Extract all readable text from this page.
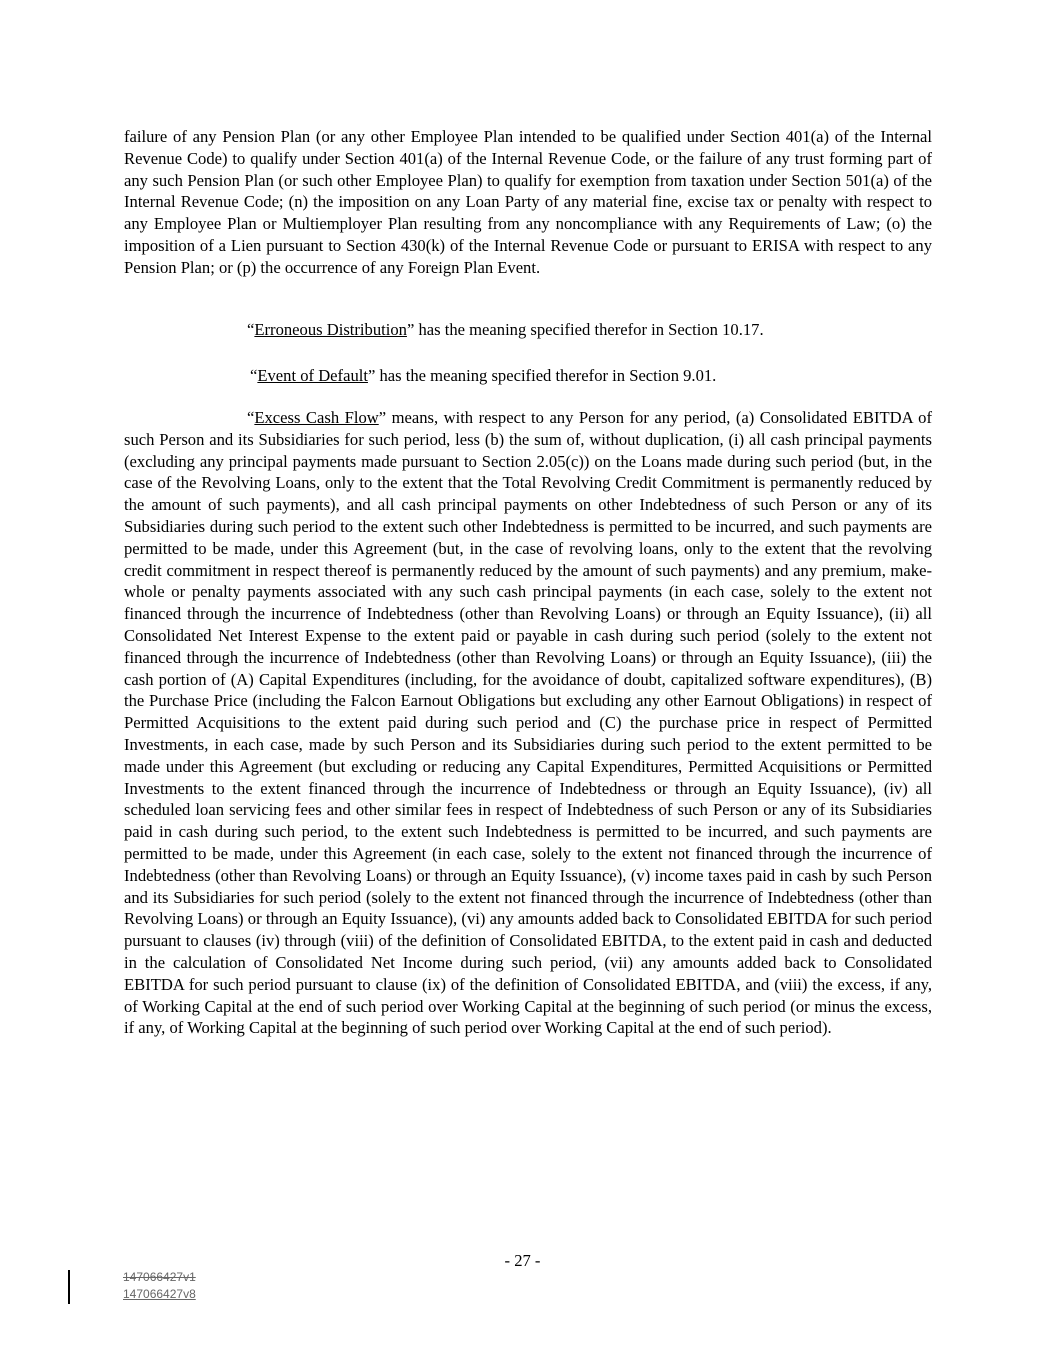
failure of any Pension Plan (or any other Employee Plan intended to be qualified under Section 401(a) of the Internal Revenue Code) to qualify under Section 401(a) of the Internal Revenue Code, or the failure of any trust forming part of any such Pension Plan (or such other Employee Plan) to qualify for exemption from taxation under Section 501(a) of the Internal Revenue Code; (n) the imposition on any Loan Party of any material fine, excise tax or penalty with respect to any Employee Plan or Multiemployer Plan resulting from any noncompliance with any Requirements of Law; (o) the imposition of a Lien pursuant to Section 430(k) of the Internal Revenue Code or pursuant to ERISA with respect to any Pension Plan; or (p) the occurrence of any Foreign Plan Event.

“Erroneous Distribution” has the meaning specified therefor in Section 10.17.

“Event of Default” has the meaning specified therefor in Section 9.01.

“Excess Cash Flow” means, with respect to any Person for any period, (a) Consolidated EBITDA of such Person and its Subsidiaries for such period, less (b) the sum of, without duplication, (i) all cash principal payments (excluding any principal payments made pursuant to Section 2.05(c)) on the Loans made during such period (but, in the case of the Revolving Loans, only to the extent that the Total Revolving Credit Commitment is permanently reduced by the amount of such payments), and all cash principal payments on other Indebtedness of such Person or any of its Subsidiaries during such period to the extent such other Indebtedness is permitted to be incurred, and such payments are permitted to be made, under this Agreement (but, in the case of revolving loans, only to the extent that the revolving credit commitment in respect thereof is permanently reduced by the amount of such payments) and any premium, make-whole or penalty payments associated with any such cash principal payments (in each case, solely to the extent not financed through the incurrence of Indebtedness (other than Revolving Loans) or through an Equity Issuance), (ii) all Consolidated Net Interest Expense to the extent paid or payable in cash during such period (solely to the extent not financed through the incurrence of Indebtedness (other than Revolving Loans) or through an Equity Issuance), (iii) the cash portion of (A) Capital Expenditures (including, for the avoidance of doubt, capitalized software expenditures), (B) the Purchase Price (including the Falcon Earnout Obligations but excluding any other Earnout Obligations) in respect of Permitted Acquisitions to the extent paid during such period and (C) the purchase price in respect of Permitted Investments, in each case, made by such Person and its Subsidiaries during such period to the extent permitted to be made under this Agreement (but excluding or reducing any Capital Expenditures, Permitted Acquisitions or Permitted Investments to the extent financed through the incurrence of Indebtedness or through an Equity Issuance), (iv) all scheduled loan servicing fees and other similar fees in respect of Indebtedness of such Person or any of its Subsidiaries paid in cash during such period, to the extent such Indebtedness is permitted to be incurred, and such payments are permitted to be made, under this Agreement (in each case, solely to the extent not financed through the incurrence of Indebtedness (other than Revolving Loans) or through an Equity Issuance), (v) income taxes paid in cash by such Person and its Subsidiaries for such period (solely to the extent not financed through the incurrence of Indebtedness (other than Revolving Loans) or through an Equity Issuance), (vi) any amounts added back to Consolidated EBITDA for such period pursuant to clauses (iv) through (viii) of the definition of Consolidated EBITDA, to the extent paid in cash and deducted in the calculation of Consolidated Net Income during such period, (vii) any amounts added back to Consolidated EBITDA for such period pursuant to clause (ix) of the definition of Consolidated EBITDA, and (viii) the excess, if any, of Working Capital at the end of such period over Working Capital at the beginning of such period (or minus the excess, if any, of Working Capital at the beginning of such period over Working Capital at the end of such period).

- 27 -

147066427v1

147066427v8
